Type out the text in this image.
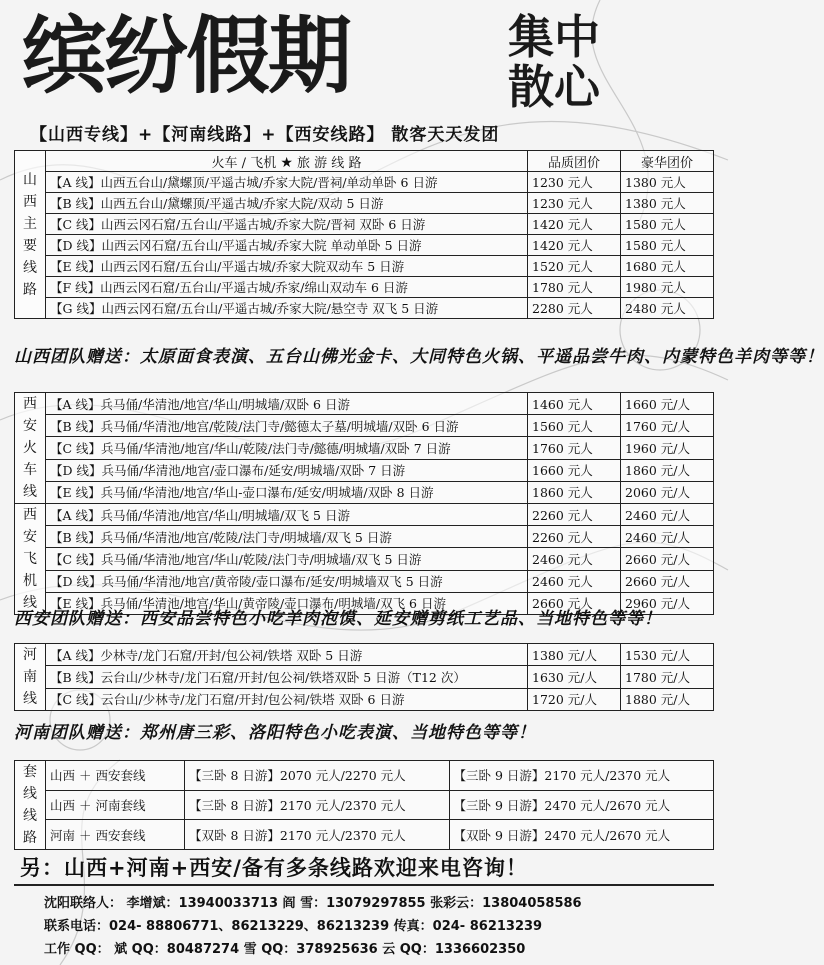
缤纷假期	集中
散心
【山西专线】+【河南线路】+【西安线路】 散客天天发团
山西主要线路	火车 / 飞机 ★ 旅 游 线 路	品质团价	豪华团价
	【A 线】山西五台山/黛螺顶/平遥古城/乔家大院/晋祠/单动单卧 6 日游	1230 元人	1380 元人
	【B 线】山西五台山/黛螺顶/平遥古城/乔家大院/双动 5 日游	1230 元人	1380 元人
	【C 线】山西云冈石窟/五台山/平遥古城/乔家大院/晋祠 双卧 6 日游	1420 元人	1580 元人
	【D 线】山西云冈石窟/五台山/平遥古城/乔家大院 单动单卧 5 日游	1420 元人	1580 元人
	【E 线】山西云冈石窟/五台山/平遥古城/乔家大院双动车 5 日游	1520 元人	1680 元人
	【F 线】山西云冈石窟/五台山/平遥古城/乔家/绵山双动车 6 日游	1780 元人	1980 元人
	【G 线】山西云冈石窟/五台山/平遥古城/乔家大院/悬空寺 双飞 5 日游	2280 元人	2480 元人
山西团队赠送：太原面食表演、五台山佛光金卡、大同特色火锅、平遥品尝牛肉、内蒙特色羊肉等等！
西安火车线	【A 线】兵马俑/华清池/地宫/华山/明城墙/双卧 6 日游	1460 元人	1660 元/人
	【B 线】兵马俑/华清池/地宫/乾陵/法门寺/懿德太子墓/明城墙/双卧 6 日游	1560 元人	1760 元/人
	【C 线】兵马俑/华清池/地宫/华山/乾陵/法门寺/懿德/明城墙/双卧 7 日游	1760 元人	1960 元/人
	【D 线】兵马俑/华清池/地宫/壶口瀑布/延安/明城墙/双卧 7 日游	1660 元人	1860 元/人
	【E 线】兵马俑/华清池/地宫/华山-壶口瀑布/延安/明城墙/双卧 8 日游	1860 元人	2060 元/人
西安飞机线	【A 线】兵马俑/华清池/地宫/华山/明城墙/双飞 5 日游	2260 元人	2460 元/人
	【B 线】兵马俑/华清池/地宫/乾陵/法门寺/明城墙/双飞 5 日游	2260 元人	2460 元/人
	【C 线】兵马俑/华清池/地宫/华山/乾陵/法门寺/明城墙/双飞 5 日游	2460 元人	2660 元/人
	【D 线】兵马俑/华清池/地宫/黄帝陵/壶口瀑布/延安/明城墙双飞 5 日游	2460 元人	2660 元/人
	【E 线】兵马俑/华清池/地宫/华山/黄帝陵/壶口瀑布/明城墙/双飞 6 日游	2660 元人	2960 元/人
西安团队赠送：西安品尝特色小吃羊肉泡馍、延安赠剪纸工艺品、当地特色等等！
河南线	【A 线】少林寺/龙门石窟/开封/包公祠/铁塔 双卧 5 日游	1380 元/人	1530 元/人
	【B 线】云台山/少林寺/龙门石窟/开封/包公祠/铁塔双卧 5 日游（T12 次）	1630 元/人	1780 元/人
	【C 线】云台山/少林寺/龙门石窟/开封/包公祠/铁塔 双卧 6 日游	1720 元/人	1880 元/人
河南团队赠送：郑州唐三彩、洛阳特色小吃表演、当地特色等等！
套线线路	山西 ＋ 西安套线	【三卧 8 日游】2070 元人/2270 元人	【三卧 9 日游】2170 元人/2370 元人
	山西 ＋ 河南套线	【三卧 8 日游】2170 元人/2370 元人	【三卧 9 日游】2470 元人/2670 元人
	河南 ＋ 西安套线	【双卧 8 日游】2170 元人/2370 元人	【双卧 9 日游】2470 元人/2670 元人
另：山西+河南+西安/备有多条线路欢迎来电咨询！
沈阳联络人： 李增斌：13940033713 阎 雪：13079297855 张彩云：13804058586
联系电话：024- 88806771、86213229、86213239 传真：024- 86213239
工作 QQ： 斌 QQ：80487274 雪 QQ：378925636 云 QQ：1336602350
